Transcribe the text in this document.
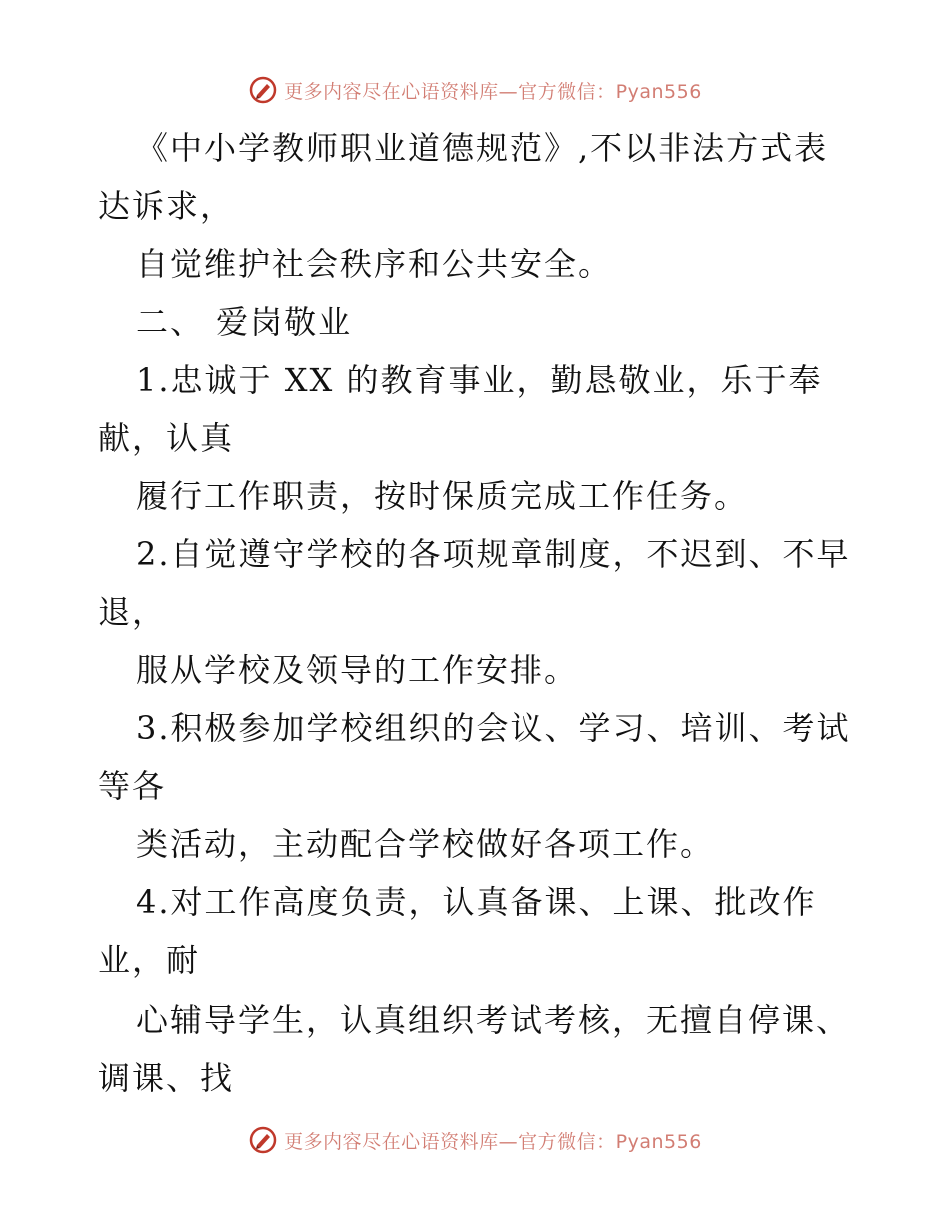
更多内容尽在心语资料库—官方微信：Pyan556
《中小学教师职业道德规范》,不以非法方式表
达诉求，
自觉维护社会秩序和公共安全。
二、 爱岗敬业
1.忠诚于 XX 的教育事业，勤恳敬业，乐于奉
献，认真
履行工作职责，按时保质完成工作任务。
2.自觉遵守学校的各项规章制度，不迟到、不早
退，
服从学校及领导的工作安排。
3.积极参加学校组织的会议、学习、培训、考试
等各
类活动，主动配合学校做好各项工作。
4.对工作高度负责，认真备课、上课、批改作
业，耐
心辅导学生，认真组织考试考核，无擅自停课、
调课、找
更多内容尽在心语资料库—官方微信：Pyan556
